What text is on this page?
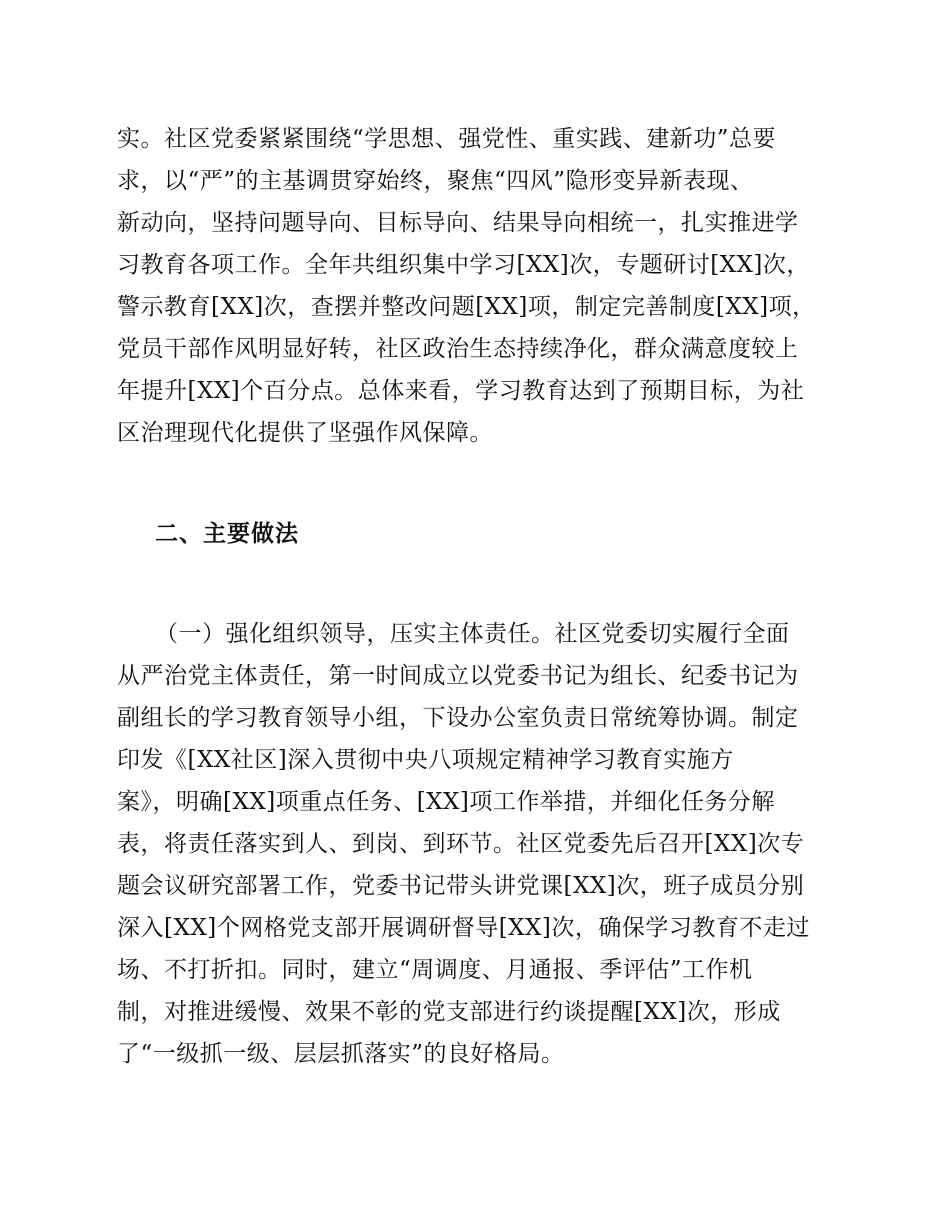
实。社区党委紧紧围绕“学思想、强党性、重实践、建新功”总要
求，以“严”的主基调贯穿始终，聚焦“四风”隐形变异新表现、
新动向，坚持问题导向、目标导向、结果导向相统一，扎实推进学
习教育各项工作。全年共组织集中学习[XX]次，专题研讨[XX]次，
警示教育[XX]次，查摆并整改问题[XX]项，制定完善制度[XX]项，
党员干部作风明显好转，社区政治生态持续净化，群众满意度较上
年提升[XX]个百分点。总体来看，学习教育达到了预期目标，为社
区治理现代化提供了坚强作风保障。
二、主要做法
（一）强化组织领导，压实主体责任。社区党委切实履行全面
从严治党主体责任，第一时间成立以党委书记为组长、纪委书记为
副组长的学习教育领导小组，下设办公室负责日常统筹协调。制定
印发《[XX社区]深入贯彻中央八项规定精神学习教育实施方
案》，明确[XX]项重点任务、[XX]项工作举措，并细化任务分解
表，将责任落实到人、到岗、到环节。社区党委先后召开[XX]次专
题会议研究部署工作，党委书记带头讲党课[XX]次，班子成员分别
深入[XX]个网格党支部开展调研督导[XX]次，确保学习教育不走过
场、不打折扣。同时，建立“周调度、月通报、季评估”工作机
制，对推进缓慢、效果不彰的党支部进行约谈提醒[XX]次，形成
了“一级抓一级、层层抓落实”的良好格局。
